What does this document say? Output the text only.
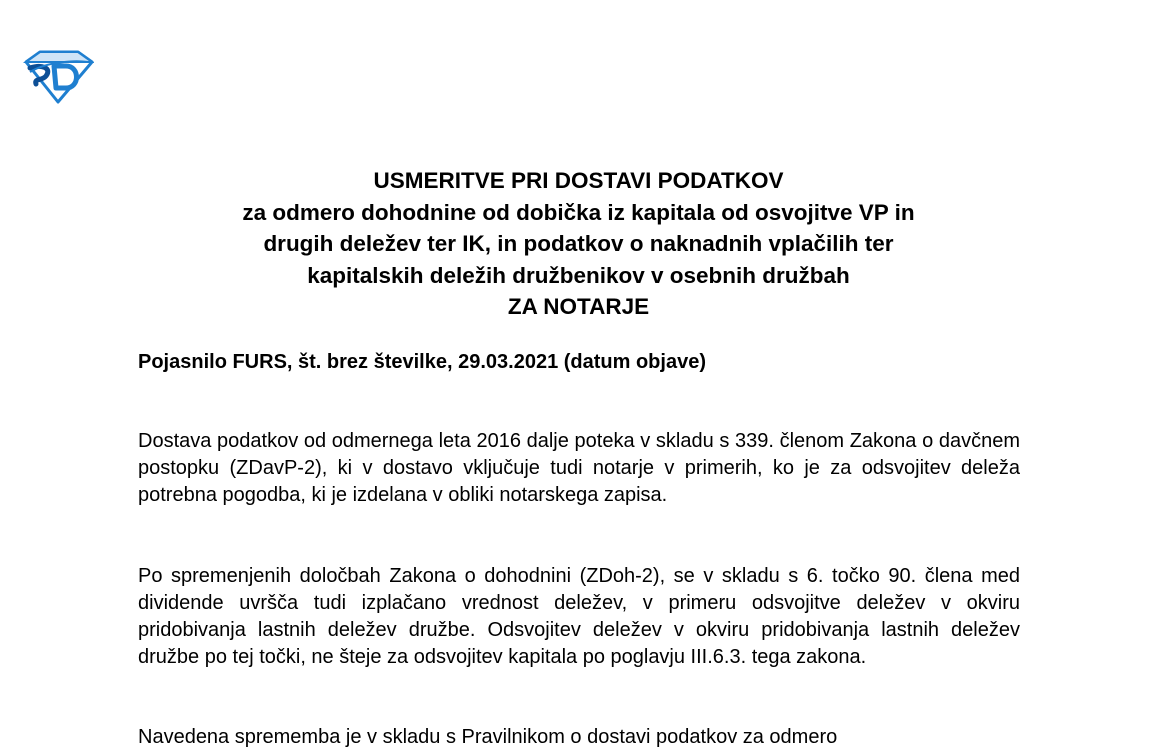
USMERITVE PRI DOSTAVI PODATKOV
za odmero dohodnine od dobička iz kapitala od osvojitve VP in
drugih deležev ter IK, in podatkov o naknadnih vplačilih ter
kapitalskih deležih družbenikov v osebnih družbah
ZA NOTARJE
Pojasnilo FURS, št. brez številke, 29.03.2021 (datum objave)

Dostava podatkov od odmernega leta 2016 dalje poteka v skladu s 339. členom Zakona o davčnem postopku (ZDavP-2), ki v dostavo vključuje tudi notarje v primerih, ko je za odsvojitev deleža potrebna pogodba, ki je izdelana v obliki notarskega zapisa.

Po spremenjenih določbah Zakona o dohodnini (ZDoh-2), se v skladu s 6. točko 90. člena med dividende uvršča tudi izplačano vrednost deležev, v primeru odsvojitve deležev v okviru pridobivanja lastnih deležev družbe. Odsvojitev deležev v okviru pridobivanja lastnih deležev družbe po tej točki, ne šteje za odsvojitev kapitala po poglavju III.6.3. tega zakona.

Navedena sprememba je v skladu s Pravilnikom o dostavi podatkov za odmero
